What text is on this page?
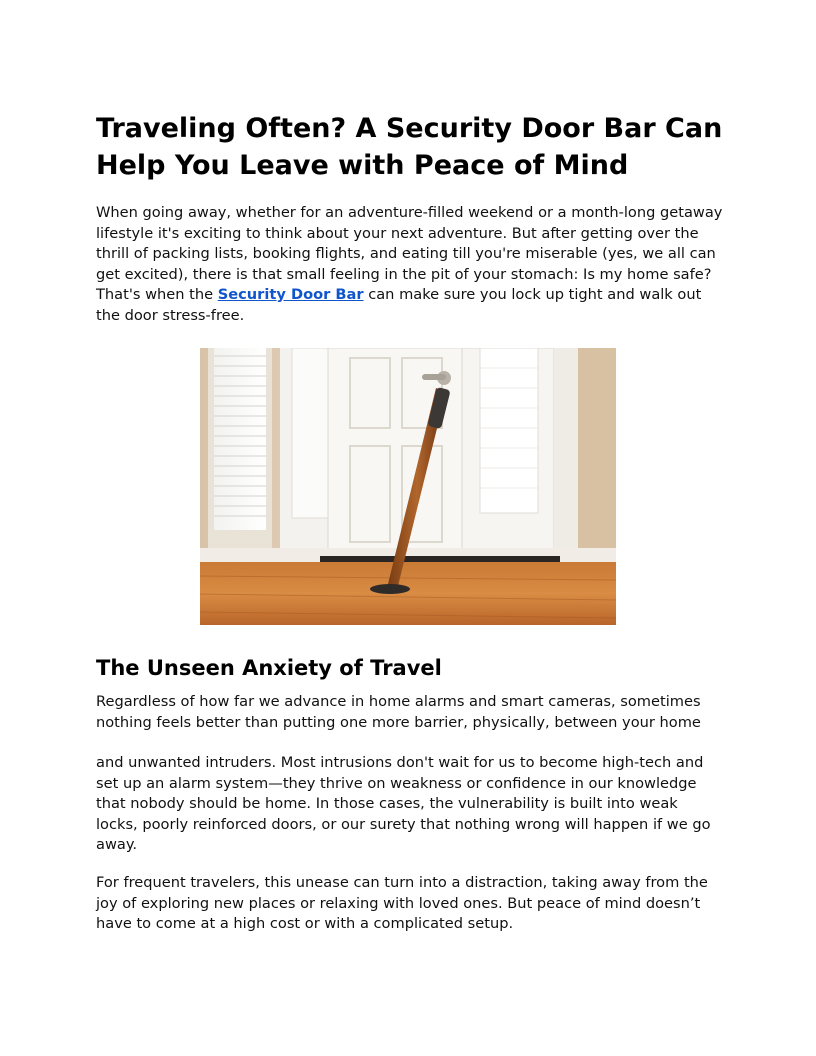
Traveling Often? A Security Door Bar Can Help You Leave with Peace of Mind

When going away, whether for an adventure-filled weekend or a month-long getaway lifestyle it's exciting to think about your next adventure. But after getting over the thrill of packing lists, booking flights, and eating till you're miserable (yes, we all can get excited), there is that small feeling in the pit of your stomach: Is my home safe? That's when the Security Door Bar can make sure you lock up tight and walk out the door stress-free.

The Unseen Anxiety of Travel

Regardless of how far we advance in home alarms and smart cameras, sometimes nothing feels better than putting one more barrier, physically, between your home

and unwanted intruders. Most intrusions don't wait for us to become high-tech and set up an alarm system—they thrive on weakness or confidence in our knowledge that nobody should be home. In those cases, the vulnerability is built into weak locks, poorly reinforced doors, or our surety that nothing wrong will happen if we go away.

For frequent travelers, this unease can turn into a distraction, taking away from the joy of exploring new places or relaxing with loved ones. But peace of mind doesn’t have to come at a high cost or with a complicated setup.
